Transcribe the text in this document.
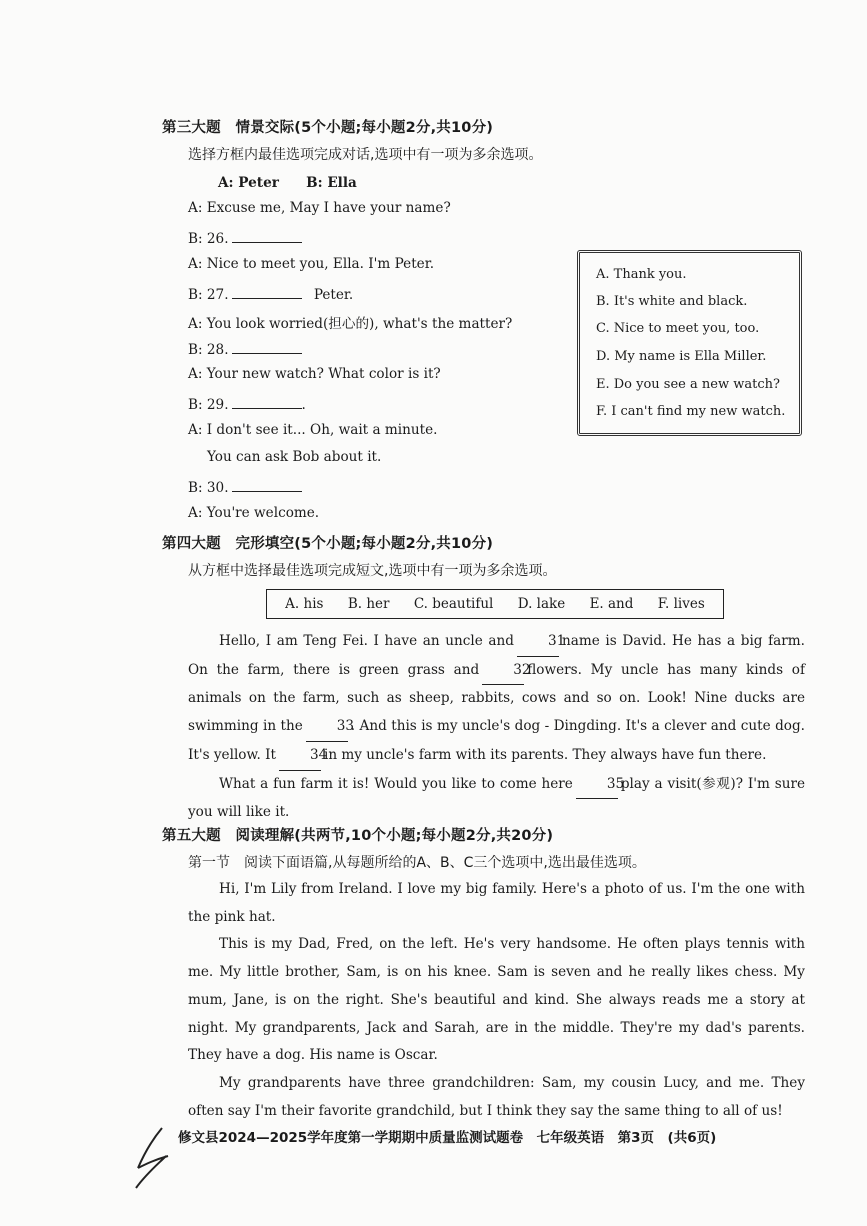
第三大题　情景交际(5个小题;每小题2分,共10分)
选择方框内最佳选项完成对话,选项中有一项为多余选项。
A: Peter　　B: Ella
A: Excuse me, May I have your name?
B: 26.
A: Nice to meet you, Ella. I'm Peter.
B: 27.	Peter.
A: You look worried(担心的), what's the matter?
B: 28.
A: Your new watch? What color is it?
B: 29.	.
A: I don't see it... Oh, wait a minute.
You can ask Bob about it.
B: 30.
A: You're welcome.
A. Thank you.
B. It's white and black.
C. Nice to meet you, too.
D. My name is Ella Miller.
E. Do you see a new watch?
F. I can't find my new watch.
第四大题　完形填空(5个小题;每小题2分,共10分)
从方框中选择最佳选项完成短文,选项中有一项为多余选项。
A. his B. her C. beautiful D. lake E. and F. lives

Hello, I am Teng Fei. I have an uncle and	31name is David. He has a big farm. On the farm, there is green grass and	32flowers. My uncle has many kinds of animals on the farm, such as sheep, rabbits, cows and so on. Look! Nine ducks are swimming in the	33. And this is my uncle's dog - Dingding. It's a clever and cute dog. It's yellow. It	34in my uncle's farm with its parents. They always have fun there.

What a fun farm it is! Would you like to come here	35play a visit(参观)? I'm sure you will like it.

第五大题　阅读理解(共两节,10个小题;每小题2分,共20分)
第一节　阅读下面语篇,从每题所给的A、B、C三个选项中,选出最佳选项。

Hi, I'm Lily from Ireland. I love my big family. Here's a photo of us. I'm the one with the pink hat.

This is my Dad, Fred, on the left. He's very handsome. He often plays tennis with me. My little brother, Sam, is on his knee. Sam is seven and he really likes chess. My mum, Jane, is on the right. She's beautiful and kind. She always reads me a story at night. My grandparents, Jack and Sarah, are in the middle. They're my dad's parents. They have a dog. His name is Oscar.

My grandparents have three grandchildren: Sam, my cousin Lucy, and me. They often say I'm their favorite grandchild, but I think they say the same thing to all of us!

修文县2024—2025学年度第一学期期中质量监测试题卷　七年级英语　第3页　(共6页)
